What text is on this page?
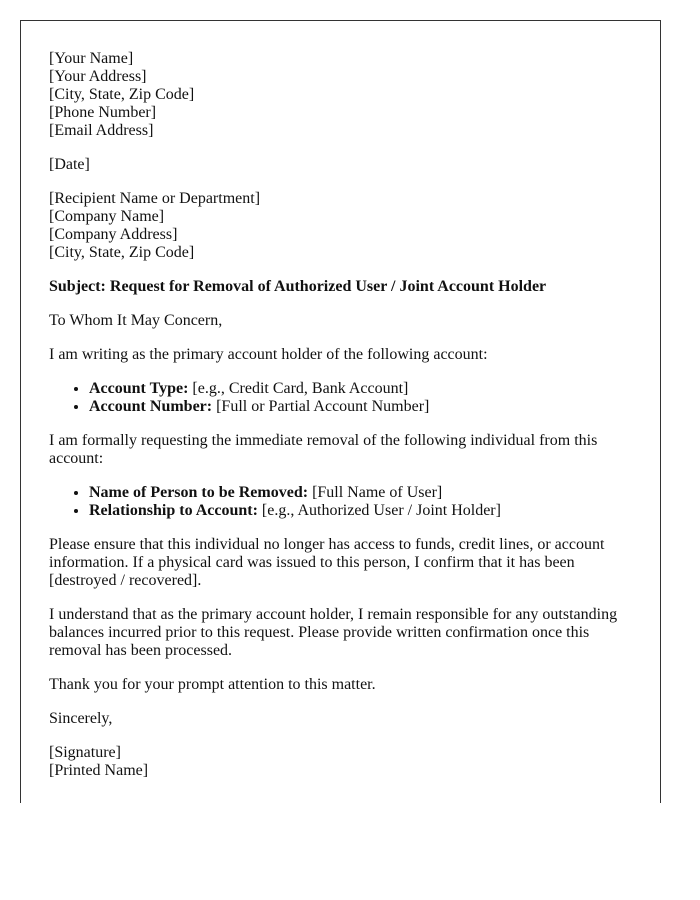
[Your Name]
[Your Address]
[City, State, Zip Code]
[Phone Number]
[Email Address]

[Date]

[Recipient Name or Department]
[Company Name]
[Company Address]
[City, State, Zip Code]

Subject: Request for Removal of Authorized User / Joint Account Holder

To Whom It May Concern,

I am writing as the primary account holder of the following account:

• Account Type: [e.g., Credit Card, Bank Account]
• Account Number: [Full or Partial Account Number]

I am formally requesting the immediate removal of the following individual from this account:

• Name of Person to be Removed: [Full Name of User]
• Relationship to Account: [e.g., Authorized User / Joint Holder]

Please ensure that this individual no longer has access to funds, credit lines, or account information. If a physical card was issued to this person, I confirm that it has been [destroyed / recovered].

I understand that as the primary account holder, I remain responsible for any outstanding balances incurred prior to this request. Please provide written confirmation once this removal has been processed.

Thank you for your prompt attention to this matter.

Sincerely,

[Signature]
[Printed Name]
